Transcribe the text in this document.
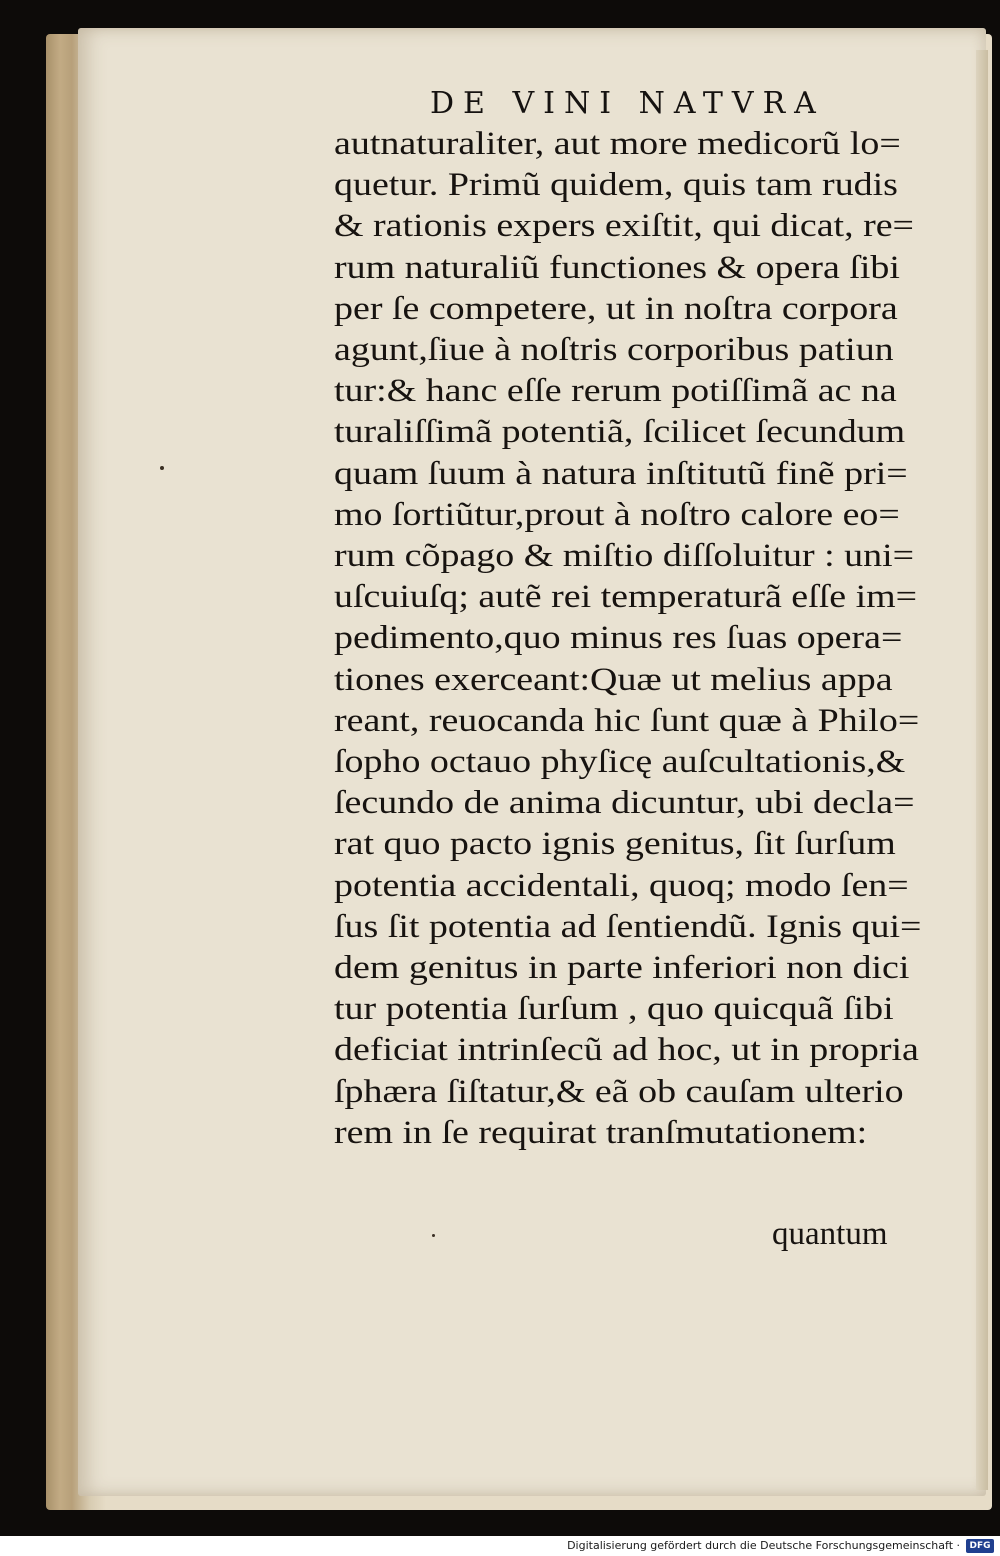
DE VINI NATVRA
autnaturaliter, aut more medicorũ lo=
quetur. Primũ quidem, quis tam rudis
& rationis expers exiſtit, qui dicat, re=
rum naturaliũ functiones & opera ſibi
per ſe competere, ut in noſtra corpora
agunt,ſiue à noſtris corporibus patiun
tur:& hanc eſſe rerum potiſſimã ac na
turaliſſimã potentiã, ſcilicet ſecundum
quam ſuum à natura inſtitutũ finẽ pri=
mo ſortiũtur,prout à noſtro calore eo=
rum cõpago & miſtio diſſoluitur : uni=
uſcuiuſq; autẽ rei temperaturã eſſe im=
pedimento,quo minus res ſuas opera=
tiones exerceant:Quæ ut melius appa
reant, reuocanda hic ſunt quæ à Philo=
ſopho octauo phyſicę auſcultationis,&
ſecundo de anima dicuntur, ubi decla=
rat quo pacto ignis genitus, ſit ſurſum
potentia accidentali, quoq; modo ſen=
ſus ſit potentia ad ſentiendũ. Ignis qui=
dem genitus in parte inferiori non dici
tur potentia ſurſum , quo quicquã ſibi
deficiat intrinſecũ ad hoc, ut in propria
ſphæra ſiſtatur,& eã ob cauſam ulterio
rem in ſe requirat tranſmutationem:
quantum
Digitalisierung gefördert durch die Deutsche Forschungsgemeinschaft ·	DFG
